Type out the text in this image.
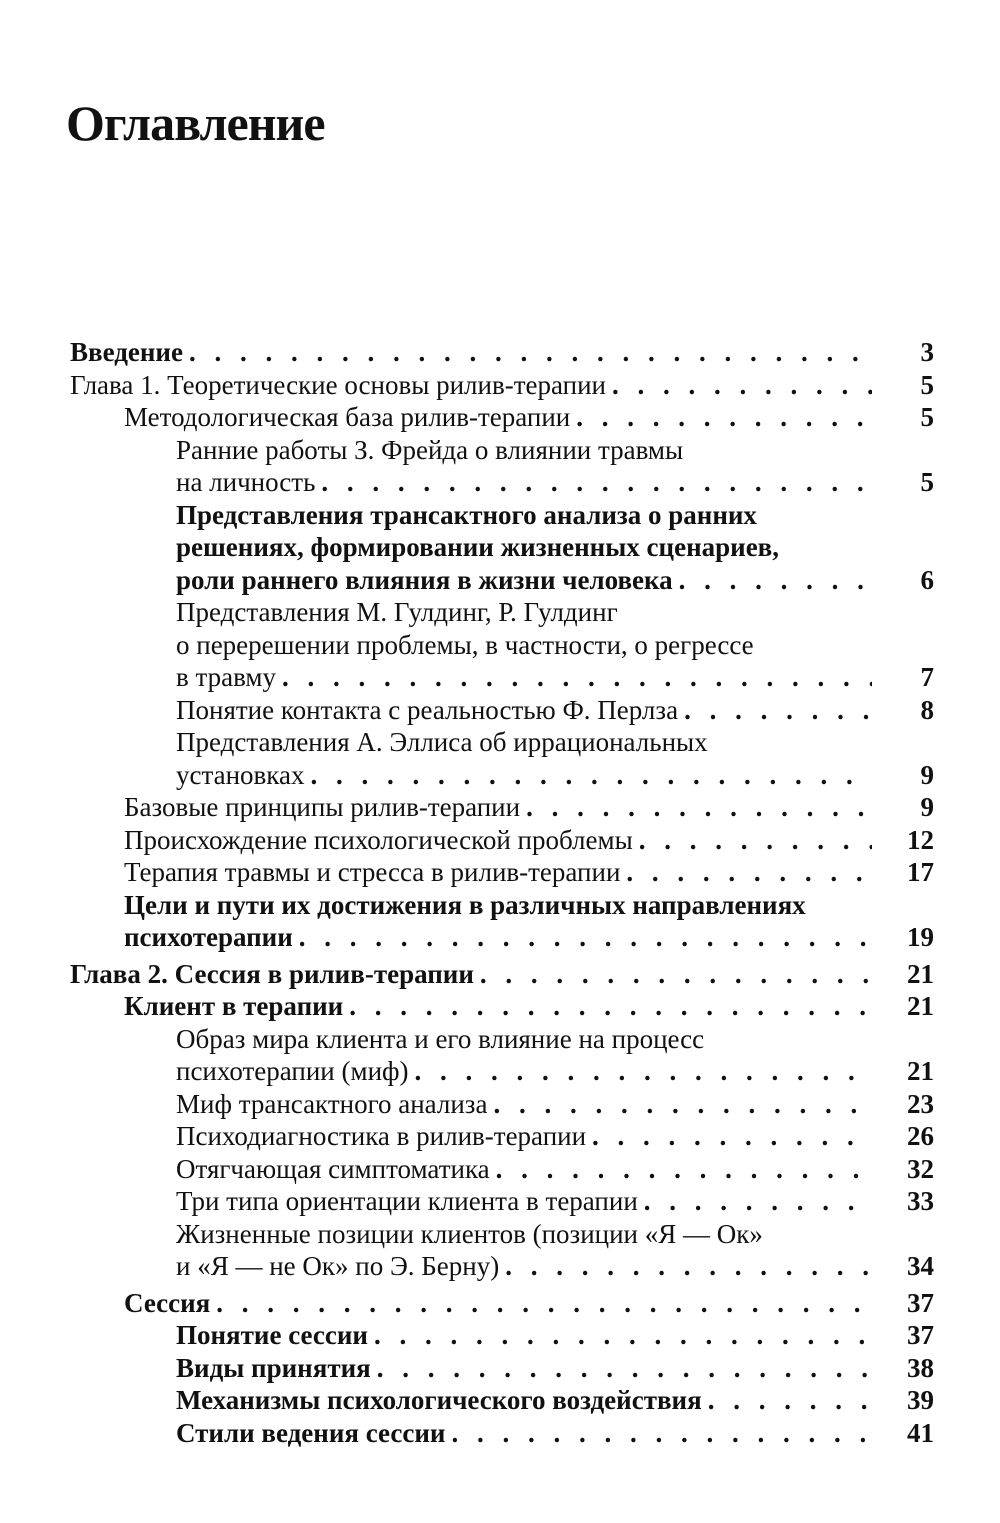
Оглавление
Введение . . .	3
Глава 1. Теоретические основы рилив-терапии . . .	5
Методологическая база рилив-терапии . . .	5
Ранние работы З. Фрейда о влиянии травмы
на личность . . .	5
Представления трансактного анализа о ранних
решениях, формировании жизненных сценариев,
роли раннего влияния в жизни человека . . .	6
Представления М. Гулдинг, Р. Гулдинг
о перерешении проблемы, в частности, о регрессе
в травму . . .	7
Понятие контакта с реальностью Ф. Перлза . . .	8
Представления А. Эллиса об иррациональных
установках . . .	9
Базовые принципы рилив-терапии . . .	9
Происхождение психологической проблемы . . .	12
Терапия травмы и стресса в рилив-терапии . . .	17
Цели и пути их достижения в различных направлениях
психотерапии . . .	19
Глава 2. Сессия в рилив-терапии . . .	21
Клиент в терапии . . .	21
Образ мира клиента и его влияние на процесс
психотерапии (миф) . . .	21
Миф трансактного анализа . . .	23
Психодиагностика в рилив-терапии . . .	26
Отягчающая симптоматика . . .	32
Три типа ориентации клиента в терапии . . .	33
Жизненные позиции клиентов (позиции «Я — Ок»
и «Я — не Ок» по Э. Берну) . . .	34
Сессия . . .	37
Понятие сессии . . .	37
Виды принятия . . .	38
Механизмы психологического воздействия . . .	39
Стили ведения сессии . . .	41
